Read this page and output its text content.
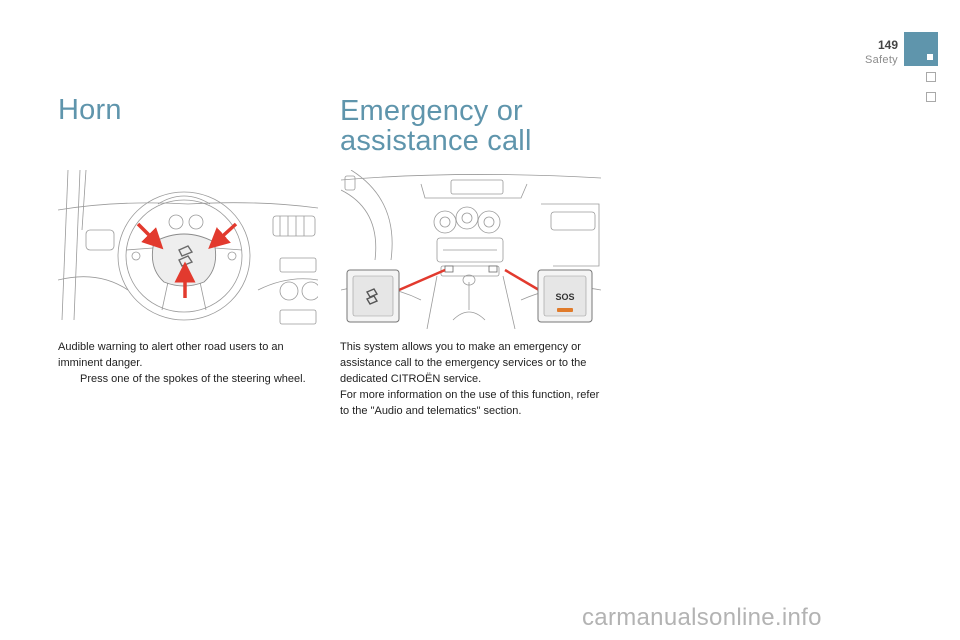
149
Safety
Horn
Audible warning to alert other road users to an imminent danger.
Press one of the spokes of the steering wheel.
Emergency or
assistance call
SOS
This system allows you to make an emergency or assistance call to the emergency services or to the dedicated CITROËN service.
For more information on the use of this function, refer to the "Audio and telematics" section.
carmanualsonline.info
